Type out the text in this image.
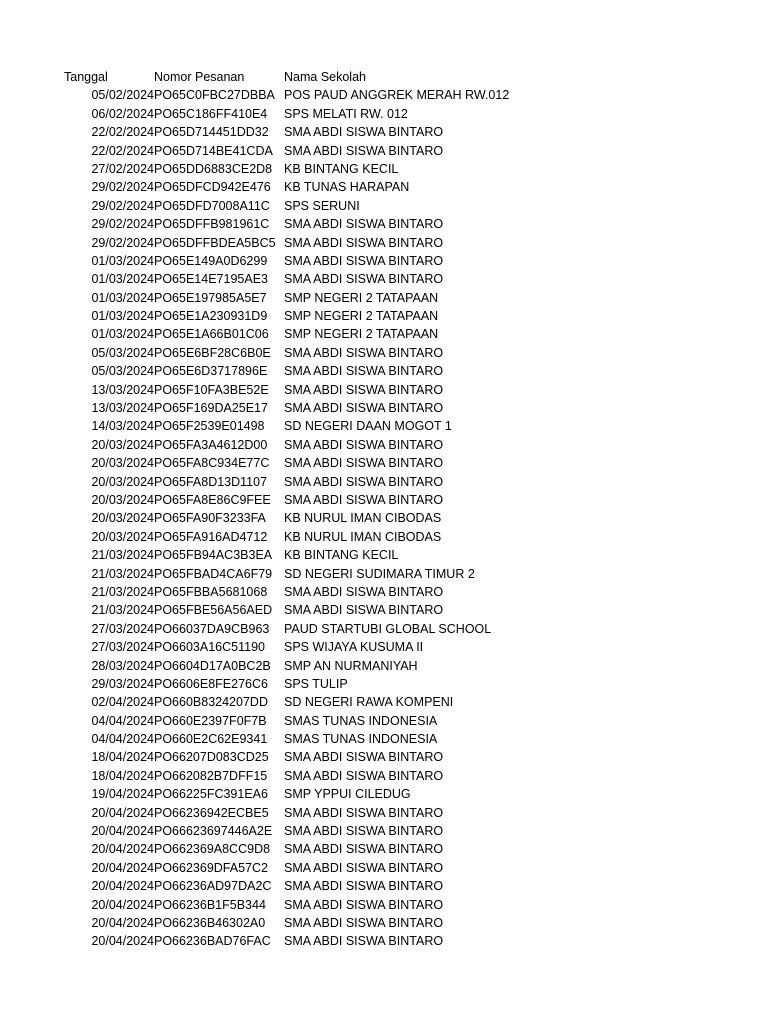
Tanggal	Nomor Pesanan	Nama Sekolah
05/02/2024 PO65C0FBC27DBBA POS PAUD ANGGREK MERAH RW.012
06/02/2024 PO65C186FF410E4	SPS MELATI RW. 012
22/02/2024 PO65D714451DD32	SMA ABDI SISWA BINTARO
22/02/2024 PO65D714BE41CDA SMA ABDI SISWA BINTARO
27/02/2024 PO65DD6883CE2D8 KB BINTANG KECIL
29/02/2024 PO65DFCD942E476	KB TUNAS HARAPAN
29/02/2024 PO65DFD7008A11C	SPS SERUNI
29/02/2024 PO65DFFB981961C	SMA ABDI SISWA BINTARO
29/02/2024 PO65DFFBDEA5BC5 SMA ABDI SISWA BINTARO
01/03/2024 PO65E149A0D6299	SMA ABDI SISWA BINTARO
01/03/2024 PO65E14E7195AE3	SMA ABDI SISWA BINTARO
01/03/2024 PO65E197985A5E7	SMP NEGERI 2 TATAPAAN
01/03/2024 PO65E1A230931D9	SMP NEGERI 2 TATAPAAN
01/03/2024 PO65E1A66B01C06	SMP NEGERI 2 TATAPAAN
05/03/2024 PO65E6BF28C6B0E	SMA ABDI SISWA BINTARO
05/03/2024 PO65E6D3717896E	SMA ABDI SISWA BINTARO
13/03/2024 PO65F10FA3BE52E	SMA ABDI SISWA BINTARO
13/03/2024 PO65F169DA25E17	SMA ABDI SISWA BINTARO
14/03/2024 PO65F2539E01498	SD NEGERI DAAN MOGOT 1
20/03/2024 PO65FA3A4612D00	SMA ABDI SISWA BINTARO
20/03/2024 PO65FA8C934E77C	SMA ABDI SISWA BINTARO
20/03/2024 PO65FA8D13D1107	SMA ABDI SISWA BINTARO
20/03/2024 PO65FA8E86C9FEE	SMA ABDI SISWA BINTARO
20/03/2024 PO65FA90F3233FA	KB NURUL IMAN CIBODAS
20/03/2024 PO65FA916AD4712	KB NURUL IMAN CIBODAS
21/03/2024 PO65FB94AC3B3EA KB BINTANG KECIL
21/03/2024 PO65FBAD4CA6F79 SD NEGERI SUDIMARA TIMUR 2
21/03/2024 PO65FBBA5681068	SMA ABDI SISWA BINTARO
21/03/2024 PO65FBE56A56AED SMA ABDI SISWA BINTARO
27/03/2024 PO66037DA9CB963	PAUD STARTUBI GLOBAL SCHOOL
27/03/2024 PO6603A16C51190	SPS WIJAYA KUSUMA II
28/03/2024 PO6604D17A0BC2B	SMP AN NURMANIYAH
29/03/2024 PO6606E8FE276C6	SPS TULIP
02/04/2024 PO660B8324207DD	SD NEGERI RAWA KOMPENI
04/04/2024 PO660E2397F0F7B	SMAS TUNAS INDONESIA
04/04/2024 PO660E2C62E9341	SMAS TUNAS INDONESIA
18/04/2024 PO66207D083CD25	SMA ABDI SISWA BINTARO
18/04/2024 PO662082B7DFF15	SMA ABDI SISWA BINTARO
19/04/2024 PO66225FC391EA6	SMP YPPUI CILEDUG
20/04/2024 PO66236942ECBE5	SMA ABDI SISWA BINTARO
20/04/2024 PO66623697446A2E SMA ABDI SISWA BINTARO
20/04/2024 PO662369A8CC9D8	SMA ABDI SISWA BINTARO
20/04/2024 PO662369DFA57C2	SMA ABDI SISWA BINTARO
20/04/2024 PO66236AD97DA2C	SMA ABDI SISWA BINTARO
20/04/2024 PO66236B1F5B344	SMA ABDI SISWA BINTARO
20/04/2024 PO66236B46302A0	SMA ABDI SISWA BINTARO
20/04/2024 PO66236BAD76FAC	SMA ABDI SISWA BINTARO
